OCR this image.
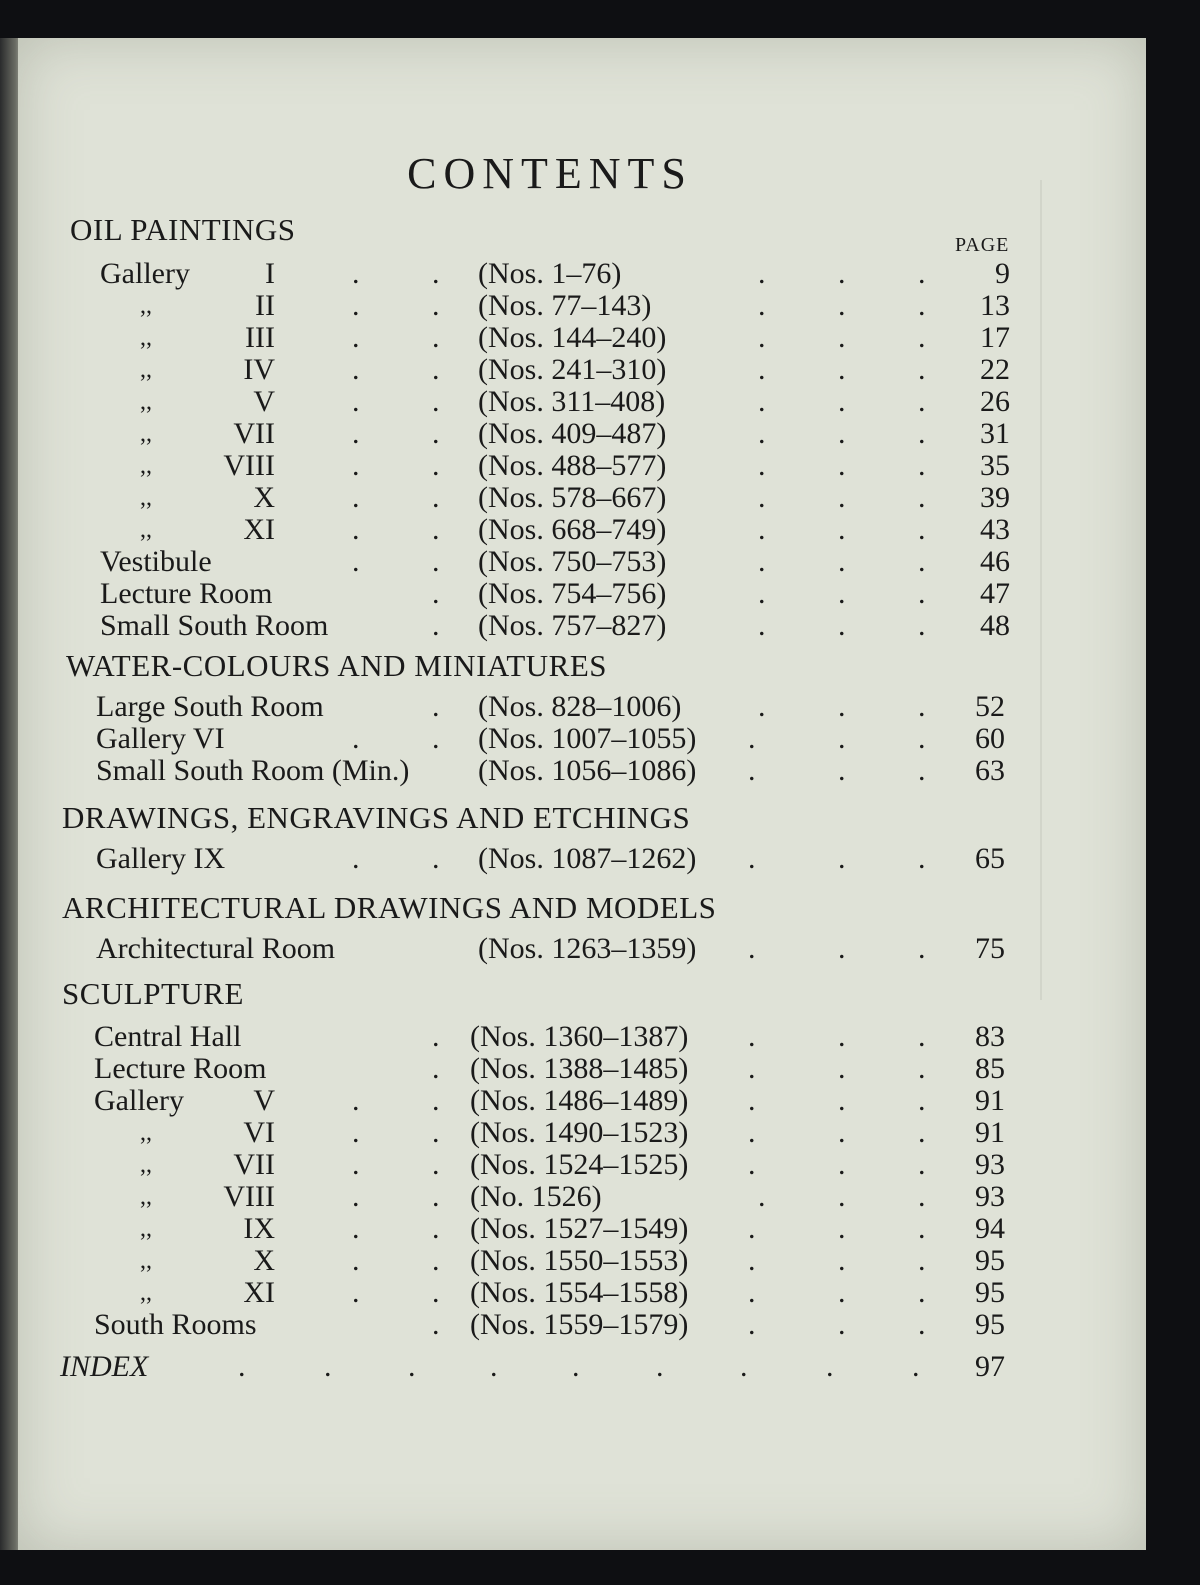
CONTENTS
PAGE
OIL PAINTINGS
Gallery	I	. . (Nos. 1–76)	. . .	9
,,	II	. . (Nos. 77–143)	. . .	13
,,	III	. . (Nos. 144–240)	. . .	17
,,	IV	. . (Nos. 241–310)	. . .	22
,,	V	. . (Nos. 311–408)	. . .	26
,,	VII	. . (Nos. 409–487)	. . .	31
,, VIII	. . (Nos. 488–577)	. . .	35
,,	X	. . (Nos. 578–667)	. . .	39
,,	XI	. . (Nos. 668–749)	. . .	43
Vestibule	. . (Nos. 750–753)	. . .	46
Lecture Room	. (Nos. 754–756)	. . .	47
Small South Room	. (Nos. 757–827)	. . .	48
WATER-COLOURS AND MINIATURES
Large South Room	. (Nos. 828–1006)	. . .	52
Gallery VI	. . (Nos. 1007–1055) .	. .	60
Small South Room (Min.) (Nos. 1056–1086) .	. .	63
DRAWINGS, ENGRAVINGS AND ETCHINGS
Gallery IX	. . (Nos. 1087–1262) .	. .	65
ARCHITECTURAL DRAWINGS AND MODELS
Architectural Room	(Nos. 1263–1359) .	. .	75
SCULPTURE
Central Hall	. (Nos. 1360–1387) .	. .	83
Lecture Room	. (Nos. 1388–1485) .	. .	85
Gallery	V	. . (Nos. 1486–1489) .	. .	91
,,	VI	. . (Nos. 1490–1523) .	. .	91
,,	VII	. . (Nos. 1524–1525) .	. .	93
,, VIII	. . (No. 1526)	. . .	93
,,	IX	. . (Nos. 1527–1549) .	. .	94
,,	X	. . (Nos. 1550–1553) .	. .	95
,,	XI	. . (Nos. 1554–1558) .	. .	95
South Rooms	. (Nos. 1559–1579) .	. .	95
INDEX	.	.	. . .	.	.	.	.	97
